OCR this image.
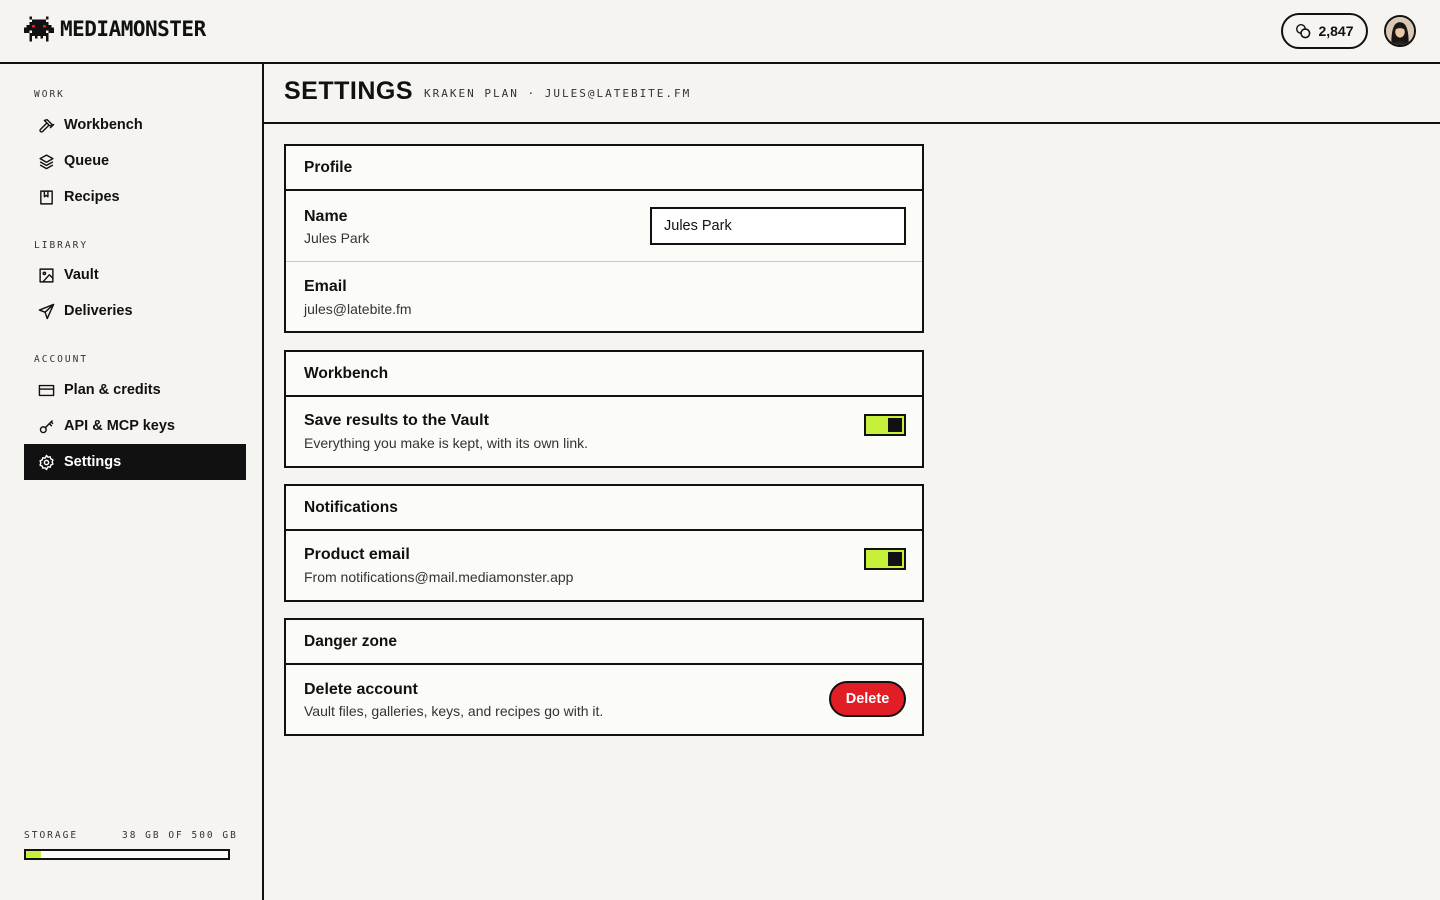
MEDIAMONSTER	2,847
WORK
Workbench
Queue
Recipes
LIBRARY
Vault
Deliveries
ACCOUNT
Plan & credits
API & MCP keys
Settings
STORAGE	38 GB OF 500 GB
SETTINGS KRAKEN PLAN · JULES@LATEBITE.FM
Profile
Name
Jules Park
Jules Park
Email
jules@latebite.fm
Workbench
Save results to the Vault
Everything you make is kept, with its own link.
Notifications
Product email
From notifications@mail.mediamonster.app
Danger zone
Delete account
Vault files, galleries, keys, and recipes go with it.
Delete
